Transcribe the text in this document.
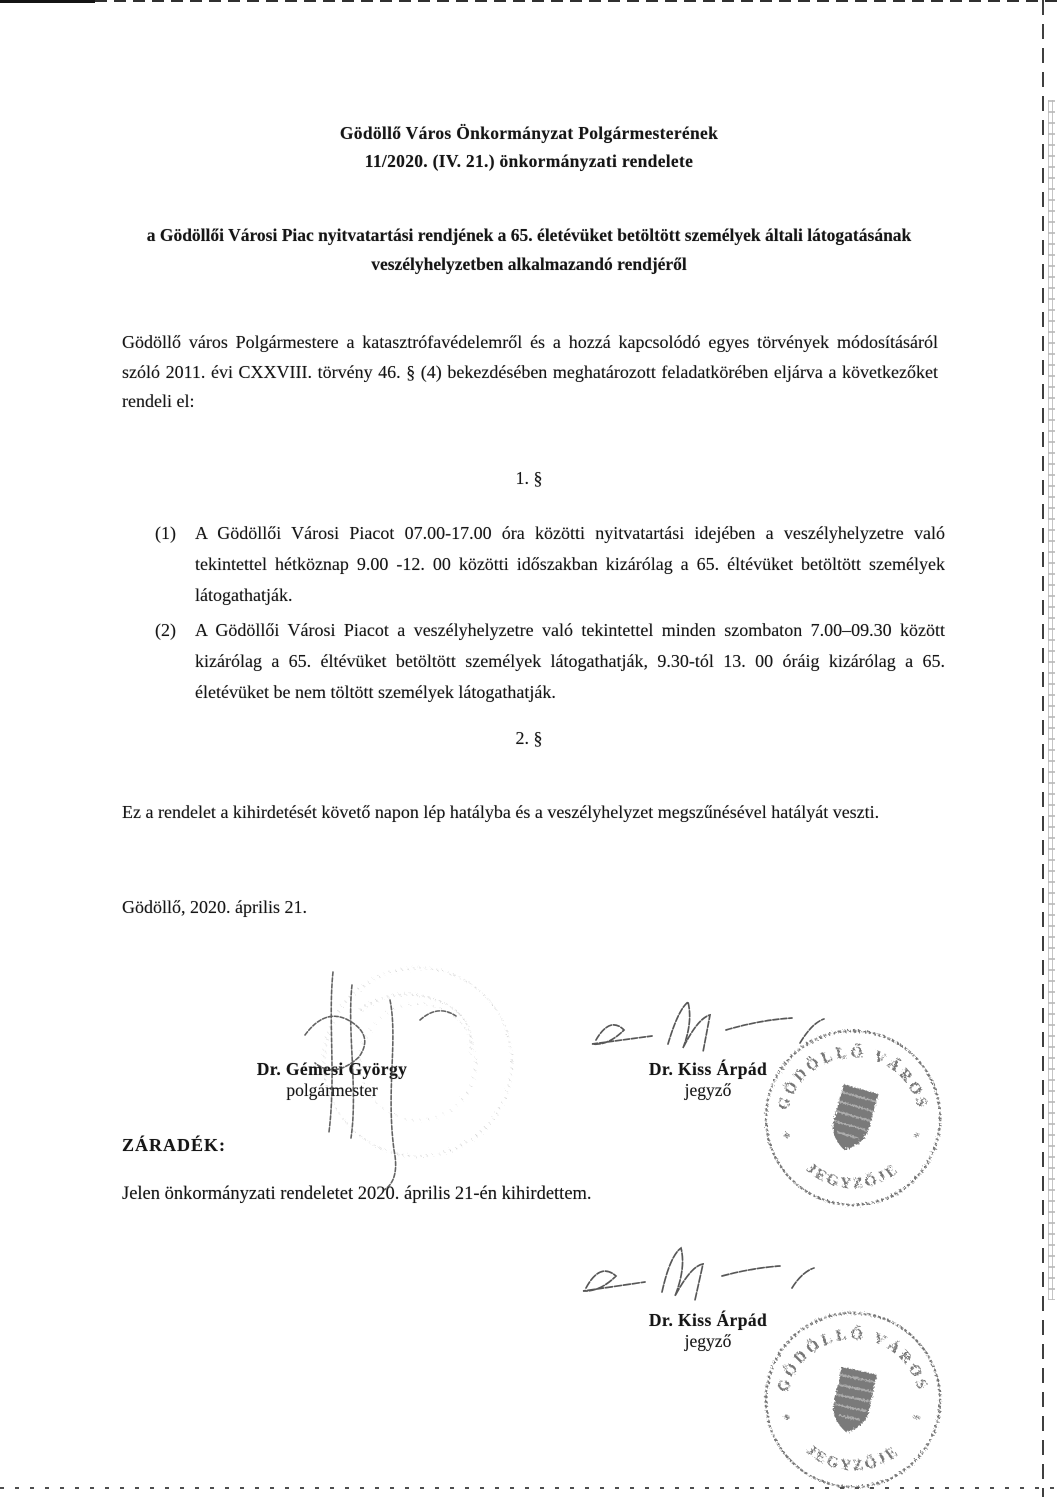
Gödöllő Város Önkormányzat Polgármesterének
11/2020. (IV. 21.) önkormányzati rendelete
a Gödöllői Városi Piac nyitvatartási rendjének a 65. életévüket betöltött személyek általi látogatásának veszélyhelyzetben alkalmazandó rendjéről
Gödöllő város Polgármestere a katasztrófavédelemről és a hozzá kapcsolódó egyes törvények módosításáról szóló 2011. évi CXXVIII. törvény 46. § (4) bekezdésében meghatározott feladatkörében eljárva a következőket rendeli el:
1. §
(1)	A Gödöllői Városi Piacot 07.00-17.00 óra közötti nyitvatartási idejében a veszélyhelyzetre való tekintettel hétköznap 9.00 -12. 00 közötti időszakban kizárólag a 65. éltévüket betöltött személyek látogathatják.
(2)	A Gödöllői Városi Piacot a veszélyhelyzetre való tekintettel minden szombaton 7.00–09.30 között kizárólag a 65. éltévüket betöltött személyek látogathatják, 9.30-tól 13. 00 óráig kizárólag a 65. életévüket be nem töltött személyek látogathatják.
2. §
Ez a rendelet a kihirdetését követő napon lép hatályba és a veszélyhelyzet megszűnésével hatályát veszti.
Gödöllő, 2020. április 21.
Dr. Gémesi György
polgármester
Dr. Kiss Árpád
jegyző
ZÁRADÉK:
Jelen önkormányzati rendeletet 2020. április 21-én kihirdettem.
Dr. Kiss Árpád
jegyző
GÖDÖLLŐ VÁROS
JEGYZŐJE
*	*
GÖDÖLLŐ VÁROS
JEGYZŐJE
*	*
